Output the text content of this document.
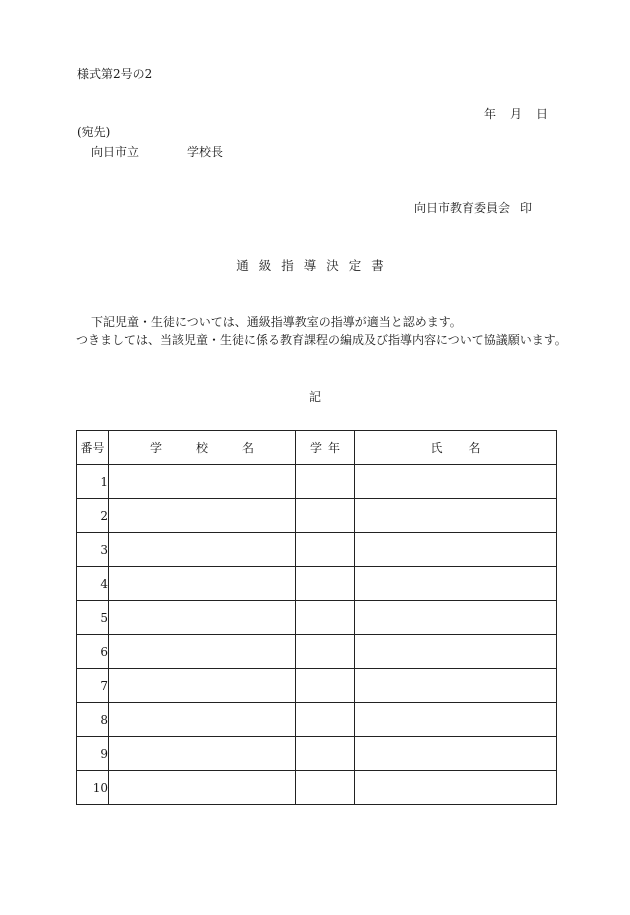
様式第2号の2
年 月 日
(宛先)
向日市立	学校長
向日市教育委員会 印
通級指導決定書
下記児童・生徒については、通級指導教室の指導が適当と認めます。
つきましては、当該児童・生徒に係る教育課程の編成及び指導内容について協議願います。
記
番号	学校名	学年	氏名
1			
2			
3			
4			
5			
6			
7			
8			
9			
10			
